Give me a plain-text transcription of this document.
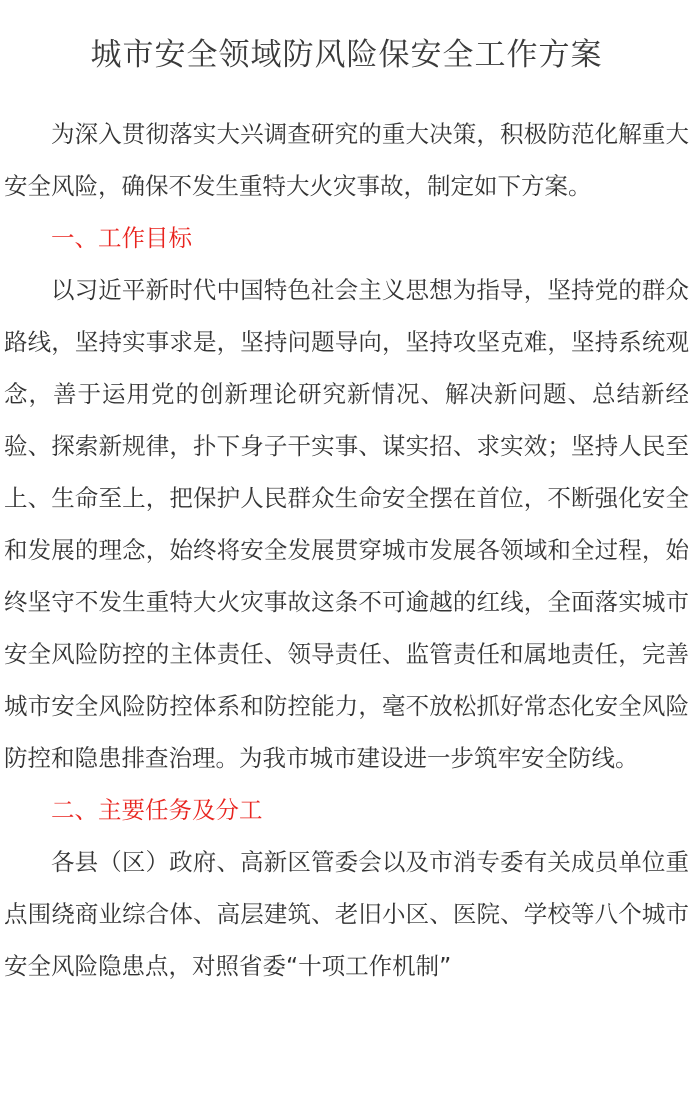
城市安全领域防风险保安全工作方案

为深入贯彻落实大兴调查研究的重大决策，积极防范化解重大安全风险，确保不发生重特大火灾事故，制定如下方案。

一、工作目标

以习近平新时代中国特色社会主义思想为指导，坚持党的群众路线，坚持实事求是，坚持问题导向，坚持攻坚克难，坚持系统观念，善于运用党的创新理论研究新情况、解决新问题、总结新经验、探索新规律，扑下身子干实事、谋实招、求实效；坚持人民至上、生命至上，把保护人民群众生命安全摆在首位，不断强化安全和发展的理念，始终将安全发展贯穿城市发展各领域和全过程，始终坚守不发生重特大火灾事故这条不可逾越的红线，全面落实城市安全风险防控的主体责任、领导责任、监管责任和属地责任，完善城市安全风险防控体系和防控能力，毫不放松抓好常态化安全风险防控和隐患排查治理。为我市城市建设进一步筑牢安全防线。

二、主要任务及分工

各县（区）政府、高新区管委会以及市消专委有关成员单位重点围绕商业综合体、高层建筑、老旧小区、医院、学校等八个城市安全风险隐患点，对照省委“十项工作机制”
